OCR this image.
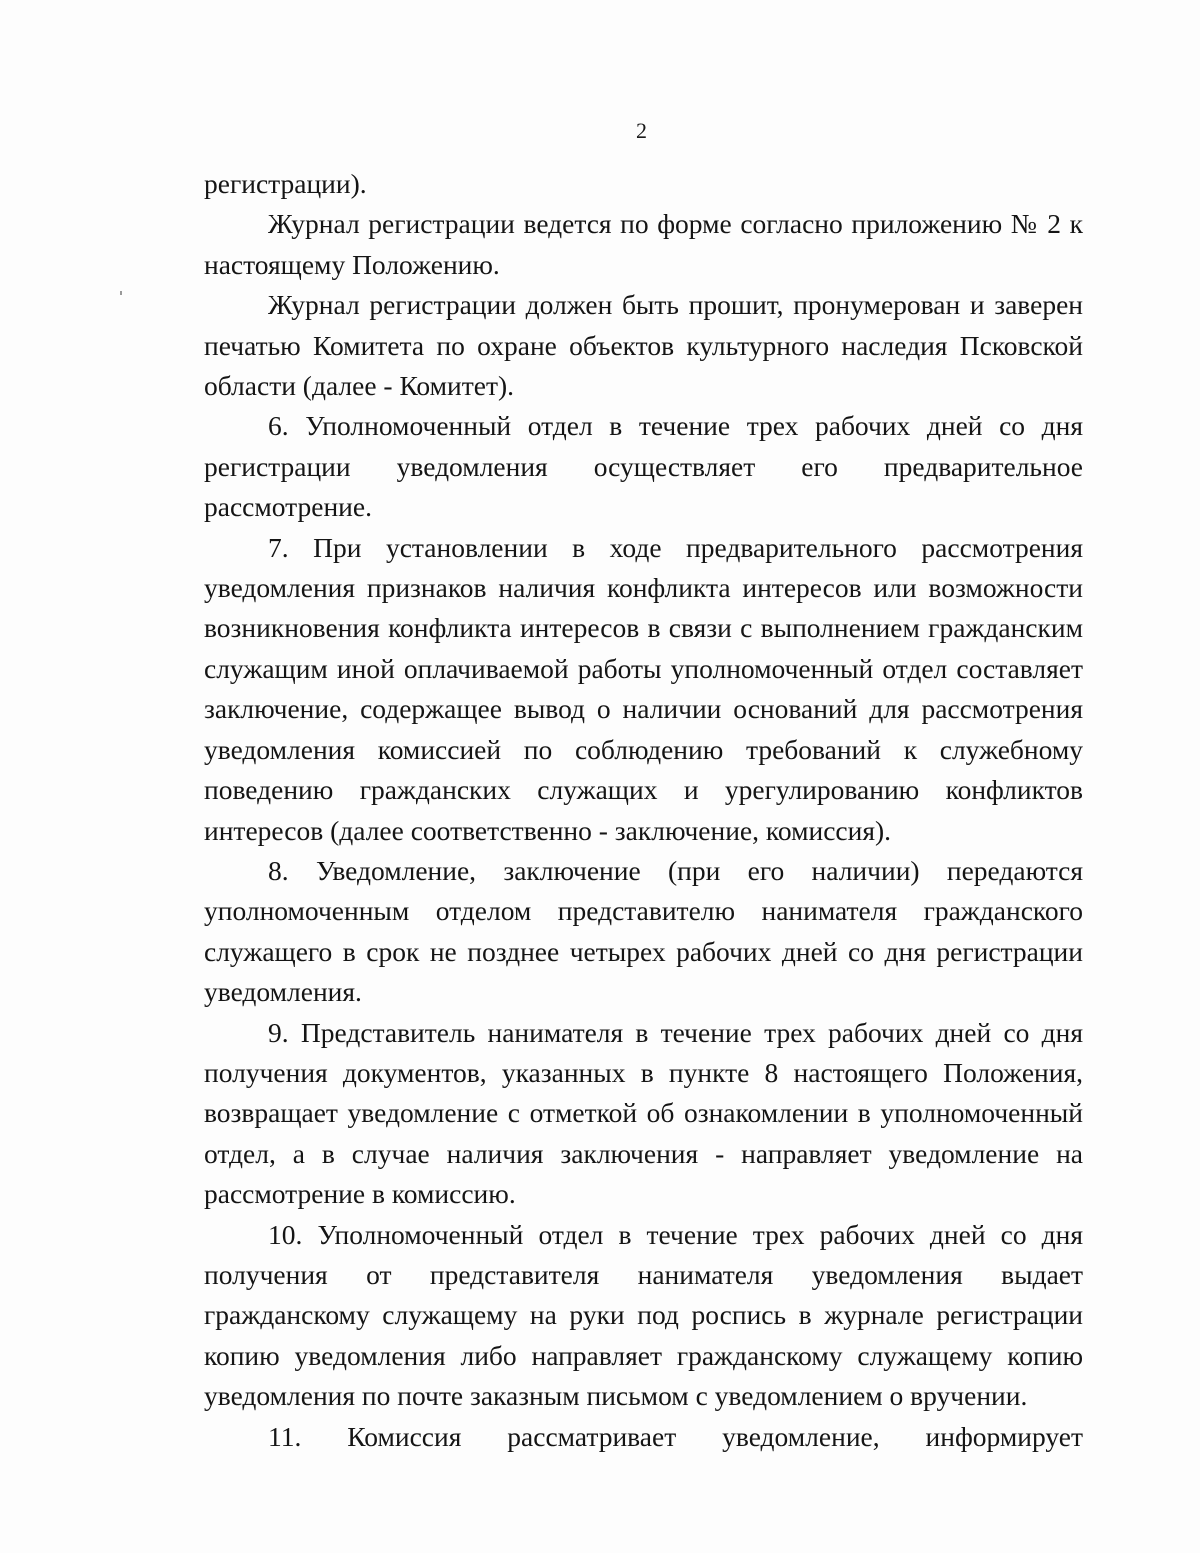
2

регистрации).

Журнал регистрации ведется по форме согласно приложению № 2 к настоящему Положению.

Журнал регистрации должен быть прошит, пронумерован и заверен печатью Комитета по охране объектов культурного наследия Псковской области (далее - Комитет).

6. Уполномоченный отдел в течение трех рабочих дней со дня регистрации уведомления осуществляет его предварительное рассмотрение.

7. При установлении в ходе предварительного рассмотрения уведомления признаков наличия конфликта интересов или возможности возникновения конфликта интересов в связи с выполнением гражданским служащим иной оплачиваемой работы уполномоченный отдел составляет заключение, содержащее вывод о наличии оснований для рассмотрения уведомления комиссией по соблюдению требований к служебному поведению гражданских служащих и урегулированию конфликтов интересов (далее соответственно - заключение, комиссия).

8. Уведомление, заключение (при его наличии) передаются уполномоченным отделом представителю нанимателя гражданского служащего в срок не позднее четырех рабочих дней со дня регистрации уведомления.

9. Представитель нанимателя в течение трех рабочих дней со дня получения документов, указанных в пункте 8 настоящего Положения, возвращает уведомление с отметкой об ознакомлении в уполномоченный отдел, а в случае наличия заключения - направляет уведомление на рассмотрение в комиссию.

10. Уполномоченный отдел в течение трех рабочих дней со дня получения от представителя нанимателя уведомления выдает гражданскому служащему на руки под роспись в журнале регистрации копию уведомления либо направляет гражданскому служащему копию уведомления по почте заказным письмом с уведомлением о вручении.

11. Комиссия рассматривает уведомление, информирует
